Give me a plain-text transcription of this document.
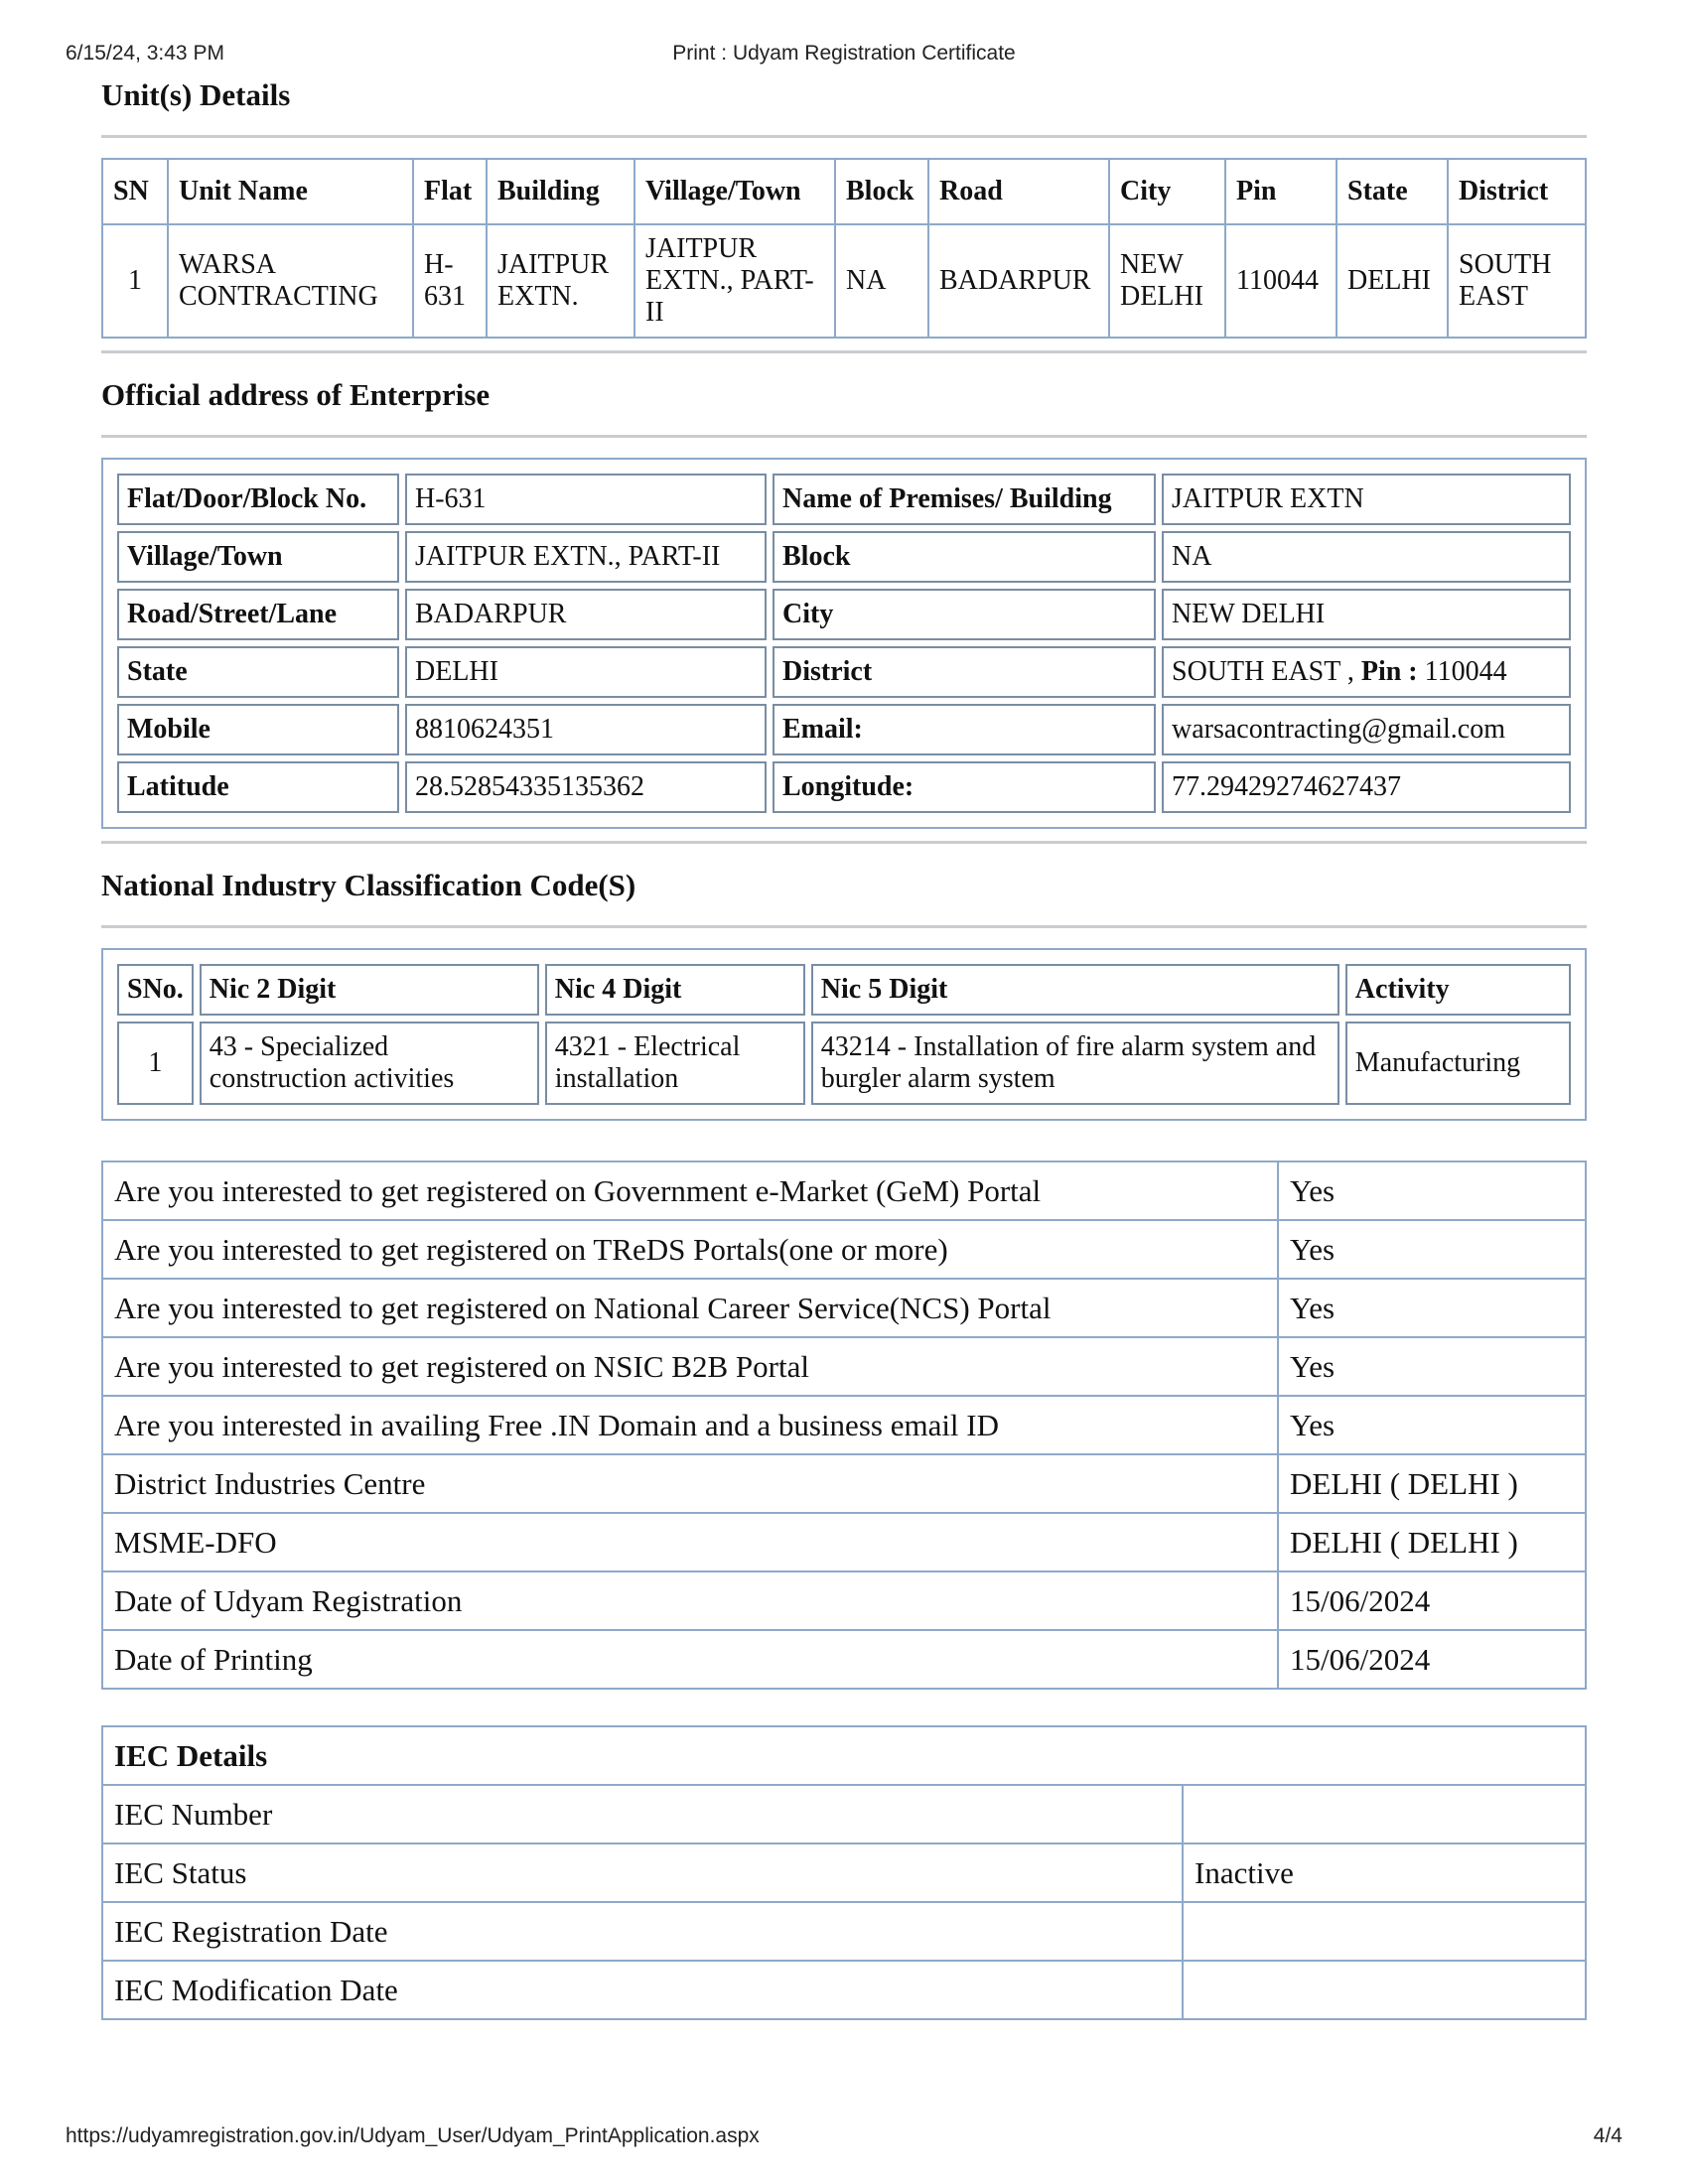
6/15/24, 3:43 PM	Print : Udyam Registration Certificate
Unit(s) Details
SN	Unit Name	Flat	Building	Village/Town	Block	Road	City	Pin	State	District
1	WARSA CONTRACTING	H-631	JAITPUR EXTN.	JAITPUR EXTN., PART-II	NA	BADARPUR	NEW DELHI	110044	DELHI	SOUTH EAST
Official address of Enterprise
Flat/Door/Block No.	H-631	Name of Premises/ Building	JAITPUR EXTN
Village/Town	JAITPUR EXTN., PART-II	Block	NA
Road/Street/Lane	BADARPUR	City	NEW DELHI
State	DELHI	District	SOUTH EAST , Pin : 110044
Mobile	8810624351	Email:	warsacontracting@gmail.com
Latitude	28.52854335135362	Longitude:	77.29429274627437
National Industry Classification Code(S)
SNo.	Nic 2 Digit	Nic 4 Digit	Nic 5 Digit	Activity
1	43 - Specialized construction activities	4321 - Electrical installation	43214 - Installation of fire alarm system and burgler alarm system	Manufacturing
Are you interested to get registered on Government e-Market (GeM) Portal	Yes
Are you interested to get registered on TReDS Portals(one or more)	Yes
Are you interested to get registered on National Career Service(NCS) Portal	Yes
Are you interested to get registered on NSIC B2B Portal	Yes
Are you interested in availing Free .IN Domain and a business email ID	Yes
District Industries Centre	DELHI ( DELHI )
MSME-DFO	DELHI ( DELHI )
Date of Udyam Registration	15/06/2024
Date of Printing	15/06/2024
IEC Details	
IEC Number	
IEC Status	Inactive
IEC Registration Date	
IEC Modification Date	
https://udyamregistration.gov.in/Udyam_User/Udyam_PrintApplication.aspx	4/4
